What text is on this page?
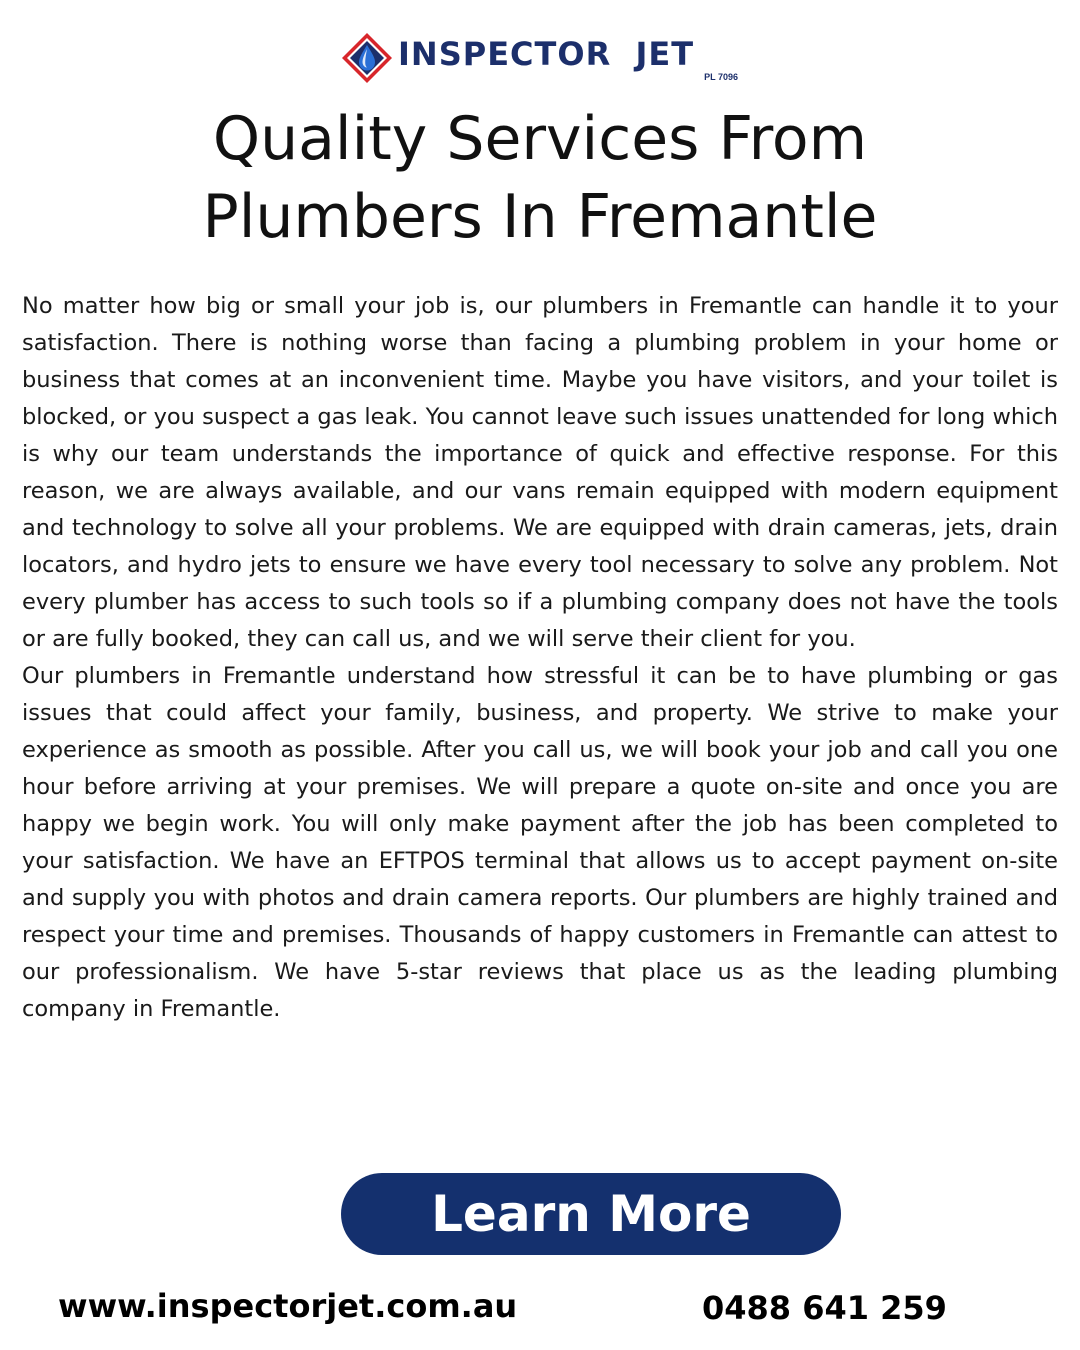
INSPECTOR  JET
PL 7096
Quality Services From
Plumbers In Fremantle

No matter how big or small your job is, our plumbers in Fremantle can handle it to your satisfaction. There is nothing worse than facing a plumbing problem in your home or business that comes at an inconvenient time. Maybe you have visitors, and your toilet is blocked, or you suspect a gas leak. You cannot leave such issues unattended for long which is why our team understands the importance of quick and effective response. For this reason, we are always available, and our vans remain equipped with modern equipment and technology to solve all your problems. We are equipped with drain cameras, jets, drain locators, and hydro jets to ensure we have every tool necessary to solve any problem. Not every plumber has access to such tools so if a plumbing company does not have the tools or are fully booked, they can call us, and we will serve their client for you.

Our plumbers in Fremantle understand how stressful it can be to have plumbing or gas issues that could affect your family, business, and property. We strive to make your experience as smooth as possible. After you call us, we will book your job and call you one hour before arriving at your premises. We will prepare a quote on-site and once you are happy we begin work. You will only make payment after the job has been completed to your satisfaction. We have an EFTPOS terminal that allows us to accept payment on-site and supply you with photos and drain camera reports. Our plumbers are highly trained and respect your time and premises. Thousands of happy customers in Fremantle can attest to our professionalism. We have 5-star reviews that place us as the leading plumbing company in Fremantle.

Learn More
www.inspectorjet.com.au	0488 641 259
